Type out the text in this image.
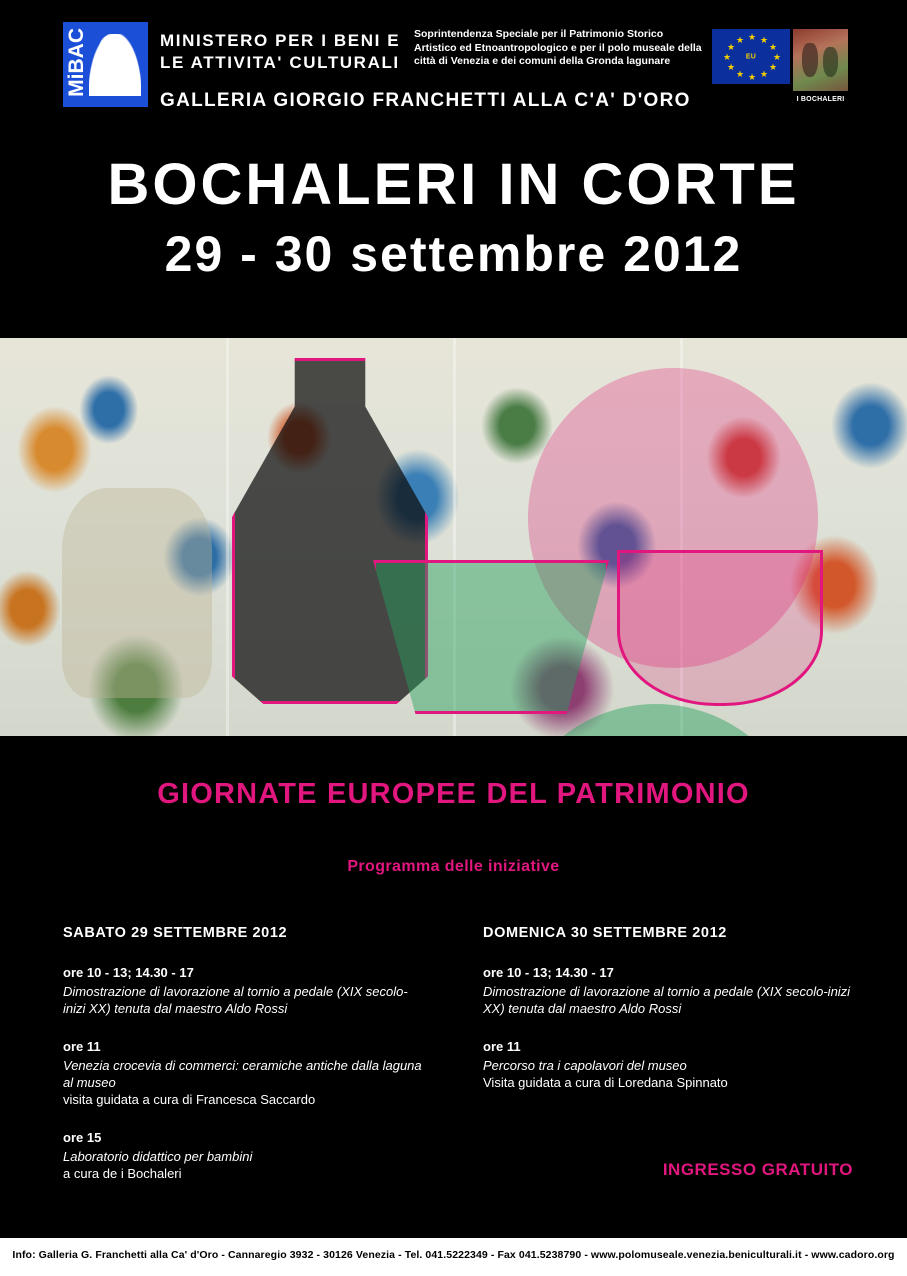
MiBAC	MINISTERO PER I BENI E
LE ATTIVITA' CULTURALI
GALLERIA GIORGIO FRANCHETTI ALLA C'A' D'ORO
Soprintendenza Speciale per il Patrimonio Storico Artistico ed Etnoantropologico e per il polo museale della città di Venezia e dei comuni della Gronda lagunare
★ ★
★
★
★
★
★
★
★
★
★
★
EU
I BOCHALERI
BOCHALERI IN CORTE
29 - 30 settembre 2012
GIORNATE EUROPEE DEL PATRIMONIO
Programma delle iniziative
SABATO 29 SETTEMBRE 2012

ore 10 - 13; 14.30 - 17

Dimostrazione di lavorazione al tornio a pedale (XIX secolo-inizi XX) tenuta dal maestro Aldo Rossi

ore 11

Venezia crocevia di commerci: ceramiche antiche dalla laguna al museo

visita guidata a cura di Francesca Saccardo

ore 15

Laboratorio didattico per bambini

a cura de i Bochaleri

DOMENICA 30 SETTEMBRE 2012

ore 10 - 13; 14.30 - 17

Dimostrazione di lavorazione al tornio a pedale (XIX secolo-inizi XX) tenuta dal maestro Aldo Rossi

ore 11

Percorso tra i capolavori del museo

Visita guidata a cura di Loredana Spinnato

INGRESSO GRATUITO
Info: Galleria G. Franchetti alla Ca' d'Oro - Cannaregio 3932 - 30126 Venezia - Tel. 041.5222349 - Fax 041.5238790 - www.polomuseale.venezia.beniculturali.it - www.cadoro.org
